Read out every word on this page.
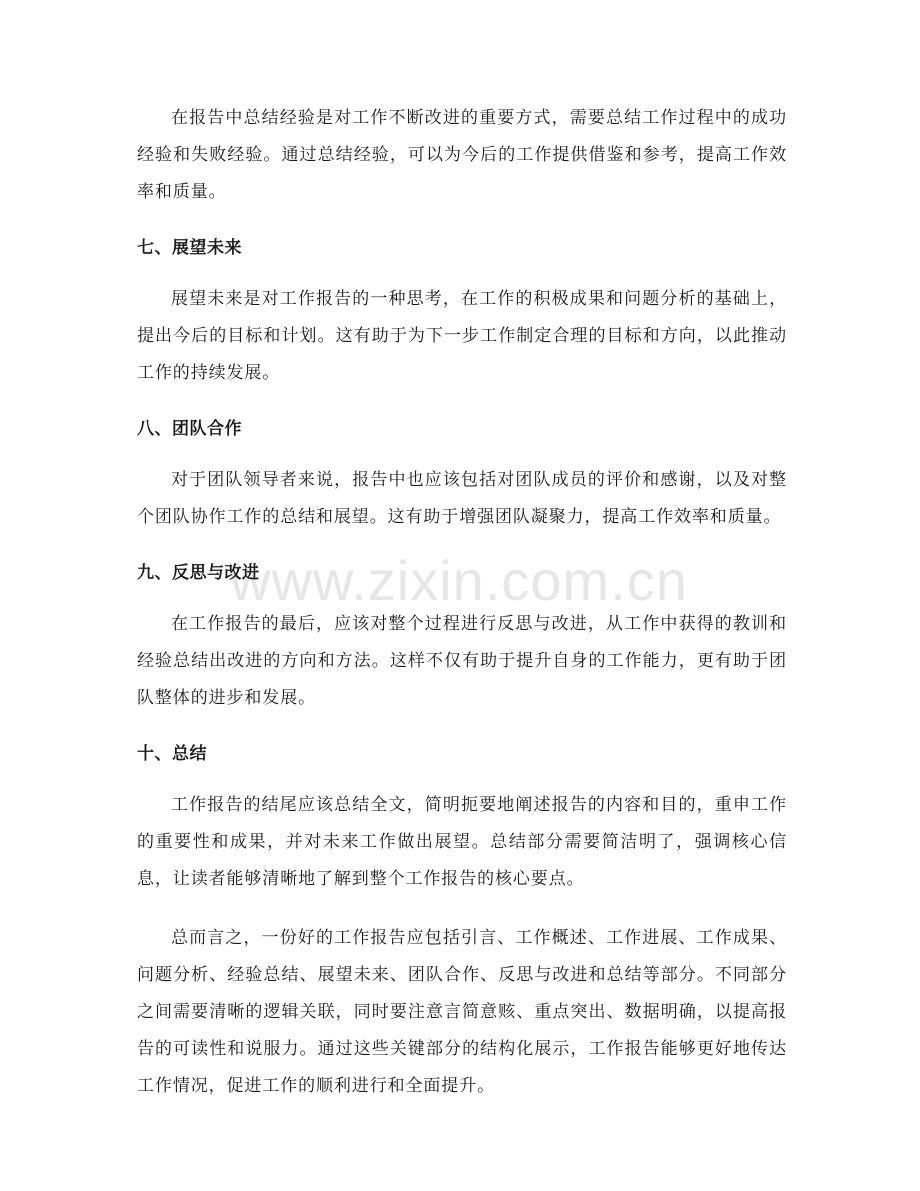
www.zixin.com.cn

在报告中总结经验是对工作不断改进的重要方式，需要总结工作过程中的成功经验和失败经验。通过总结经验，可以为今后的工作提供借鉴和参考，提高工作效率和质量。

七、展望未来

展望未来是对工作报告的一种思考，在工作的积极成果和问题分析的基础上，提出今后的目标和计划。这有助于为下一步工作制定合理的目标和方向，以此推动工作的持续发展。

八、团队合作

对于团队领导者来说，报告中也应该包括对团队成员的评价和感谢，以及对整个团队协作工作的总结和展望。这有助于增强团队凝聚力，提高工作效率和质量。

九、反思与改进

在工作报告的最后，应该对整个过程进行反思与改进，从工作中获得的教训和经验总结出改进的方向和方法。这样不仅有助于提升自身的工作能力，更有助于团队整体的进步和发展。

十、总结

工作报告的结尾应该总结全文，简明扼要地阐述报告的内容和目的，重申工作的重要性和成果，并对未来工作做出展望。总结部分需要简洁明了，强调核心信息，让读者能够清晰地了解到整个工作报告的核心要点。

总而言之，一份好的工作报告应包括引言、工作概述、工作进展、工作成果、问题分析、经验总结、展望未来、团队合作、反思与改进和总结等部分。不同部分之间需要清晰的逻辑关联，同时要注意言简意赅、重点突出、数据明确，以提高报告的可读性和说服力。通过这些关键部分的结构化展示，工作报告能够更好地传达工作情况，促进工作的顺利进行和全面提升。
